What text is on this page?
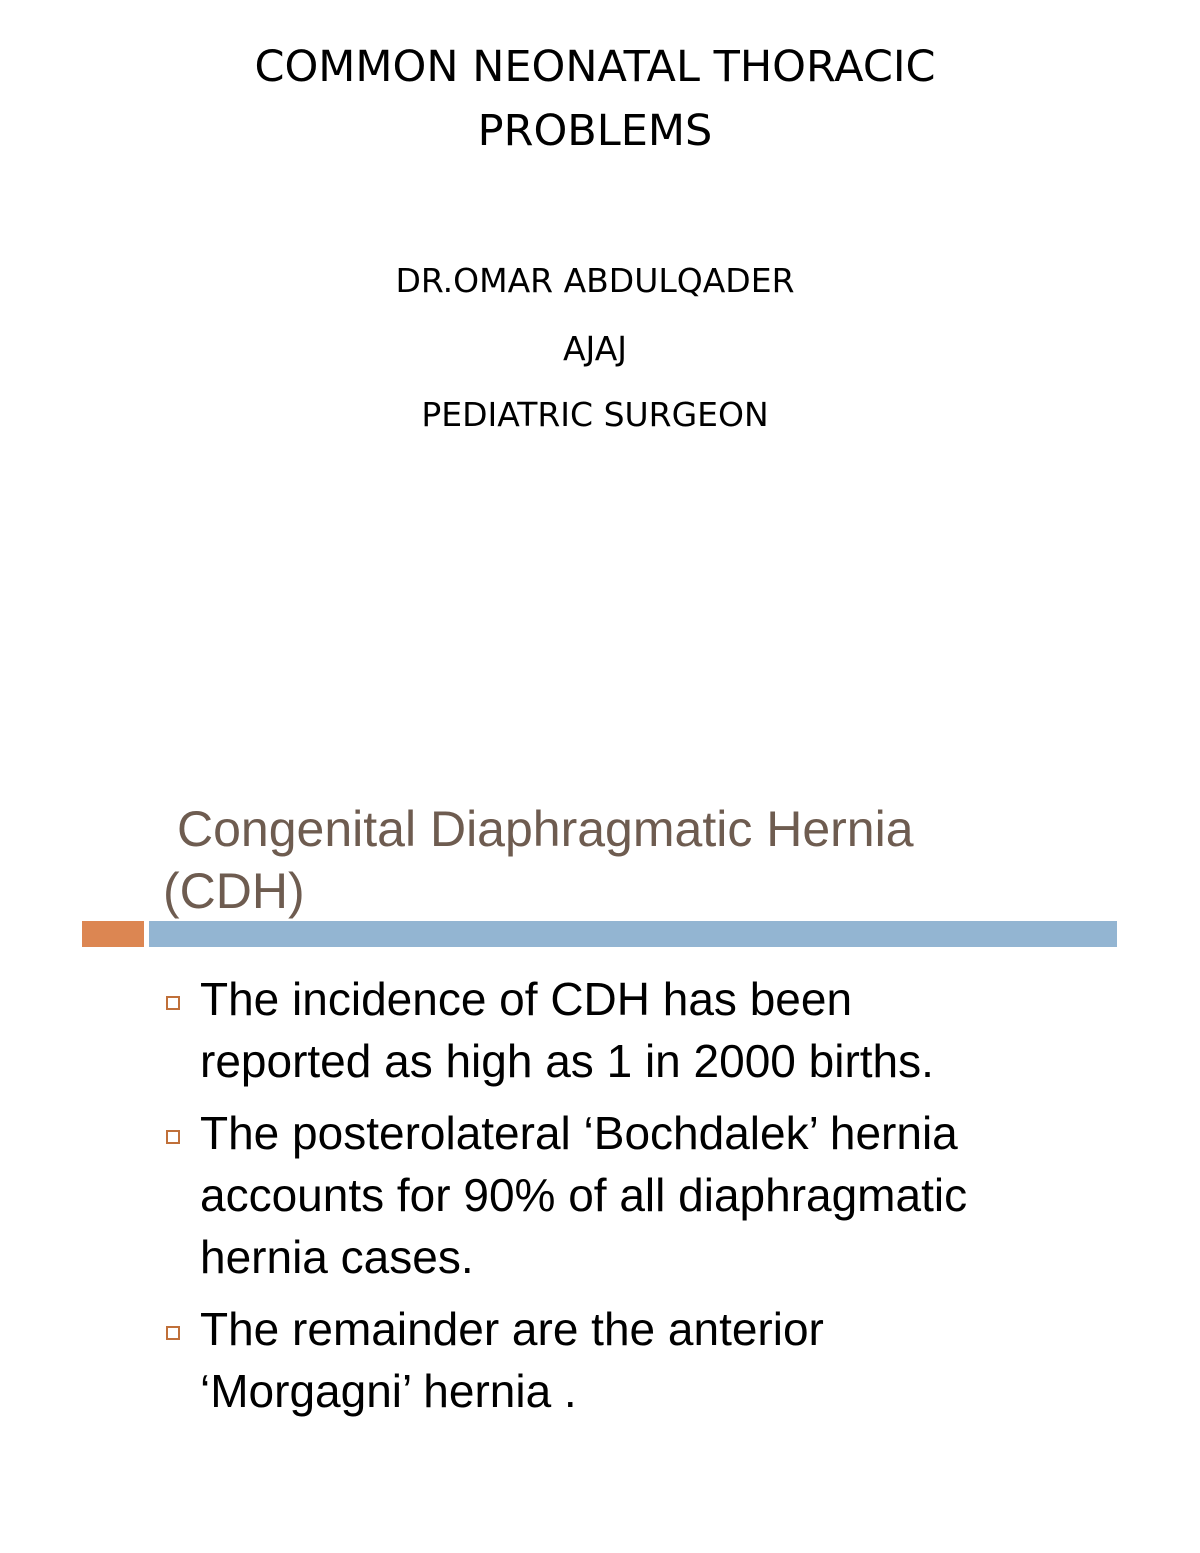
COMMON NEONATAL THORACIC
PROBLEMS

DR.OMAR ABDULQADER

AJAJ

PEDIATRIC SURGEON

Congenital Diaphragmatic Hernia
(CDH)
The incidence of CDH has been
reported as high as 1 in 2000 births.
The posterolateral ‘Bochdalek’ hernia
accounts for 90% of all diaphragmatic
hernia cases.
The remainder are the anterior
‘Morgagni’ hernia .
